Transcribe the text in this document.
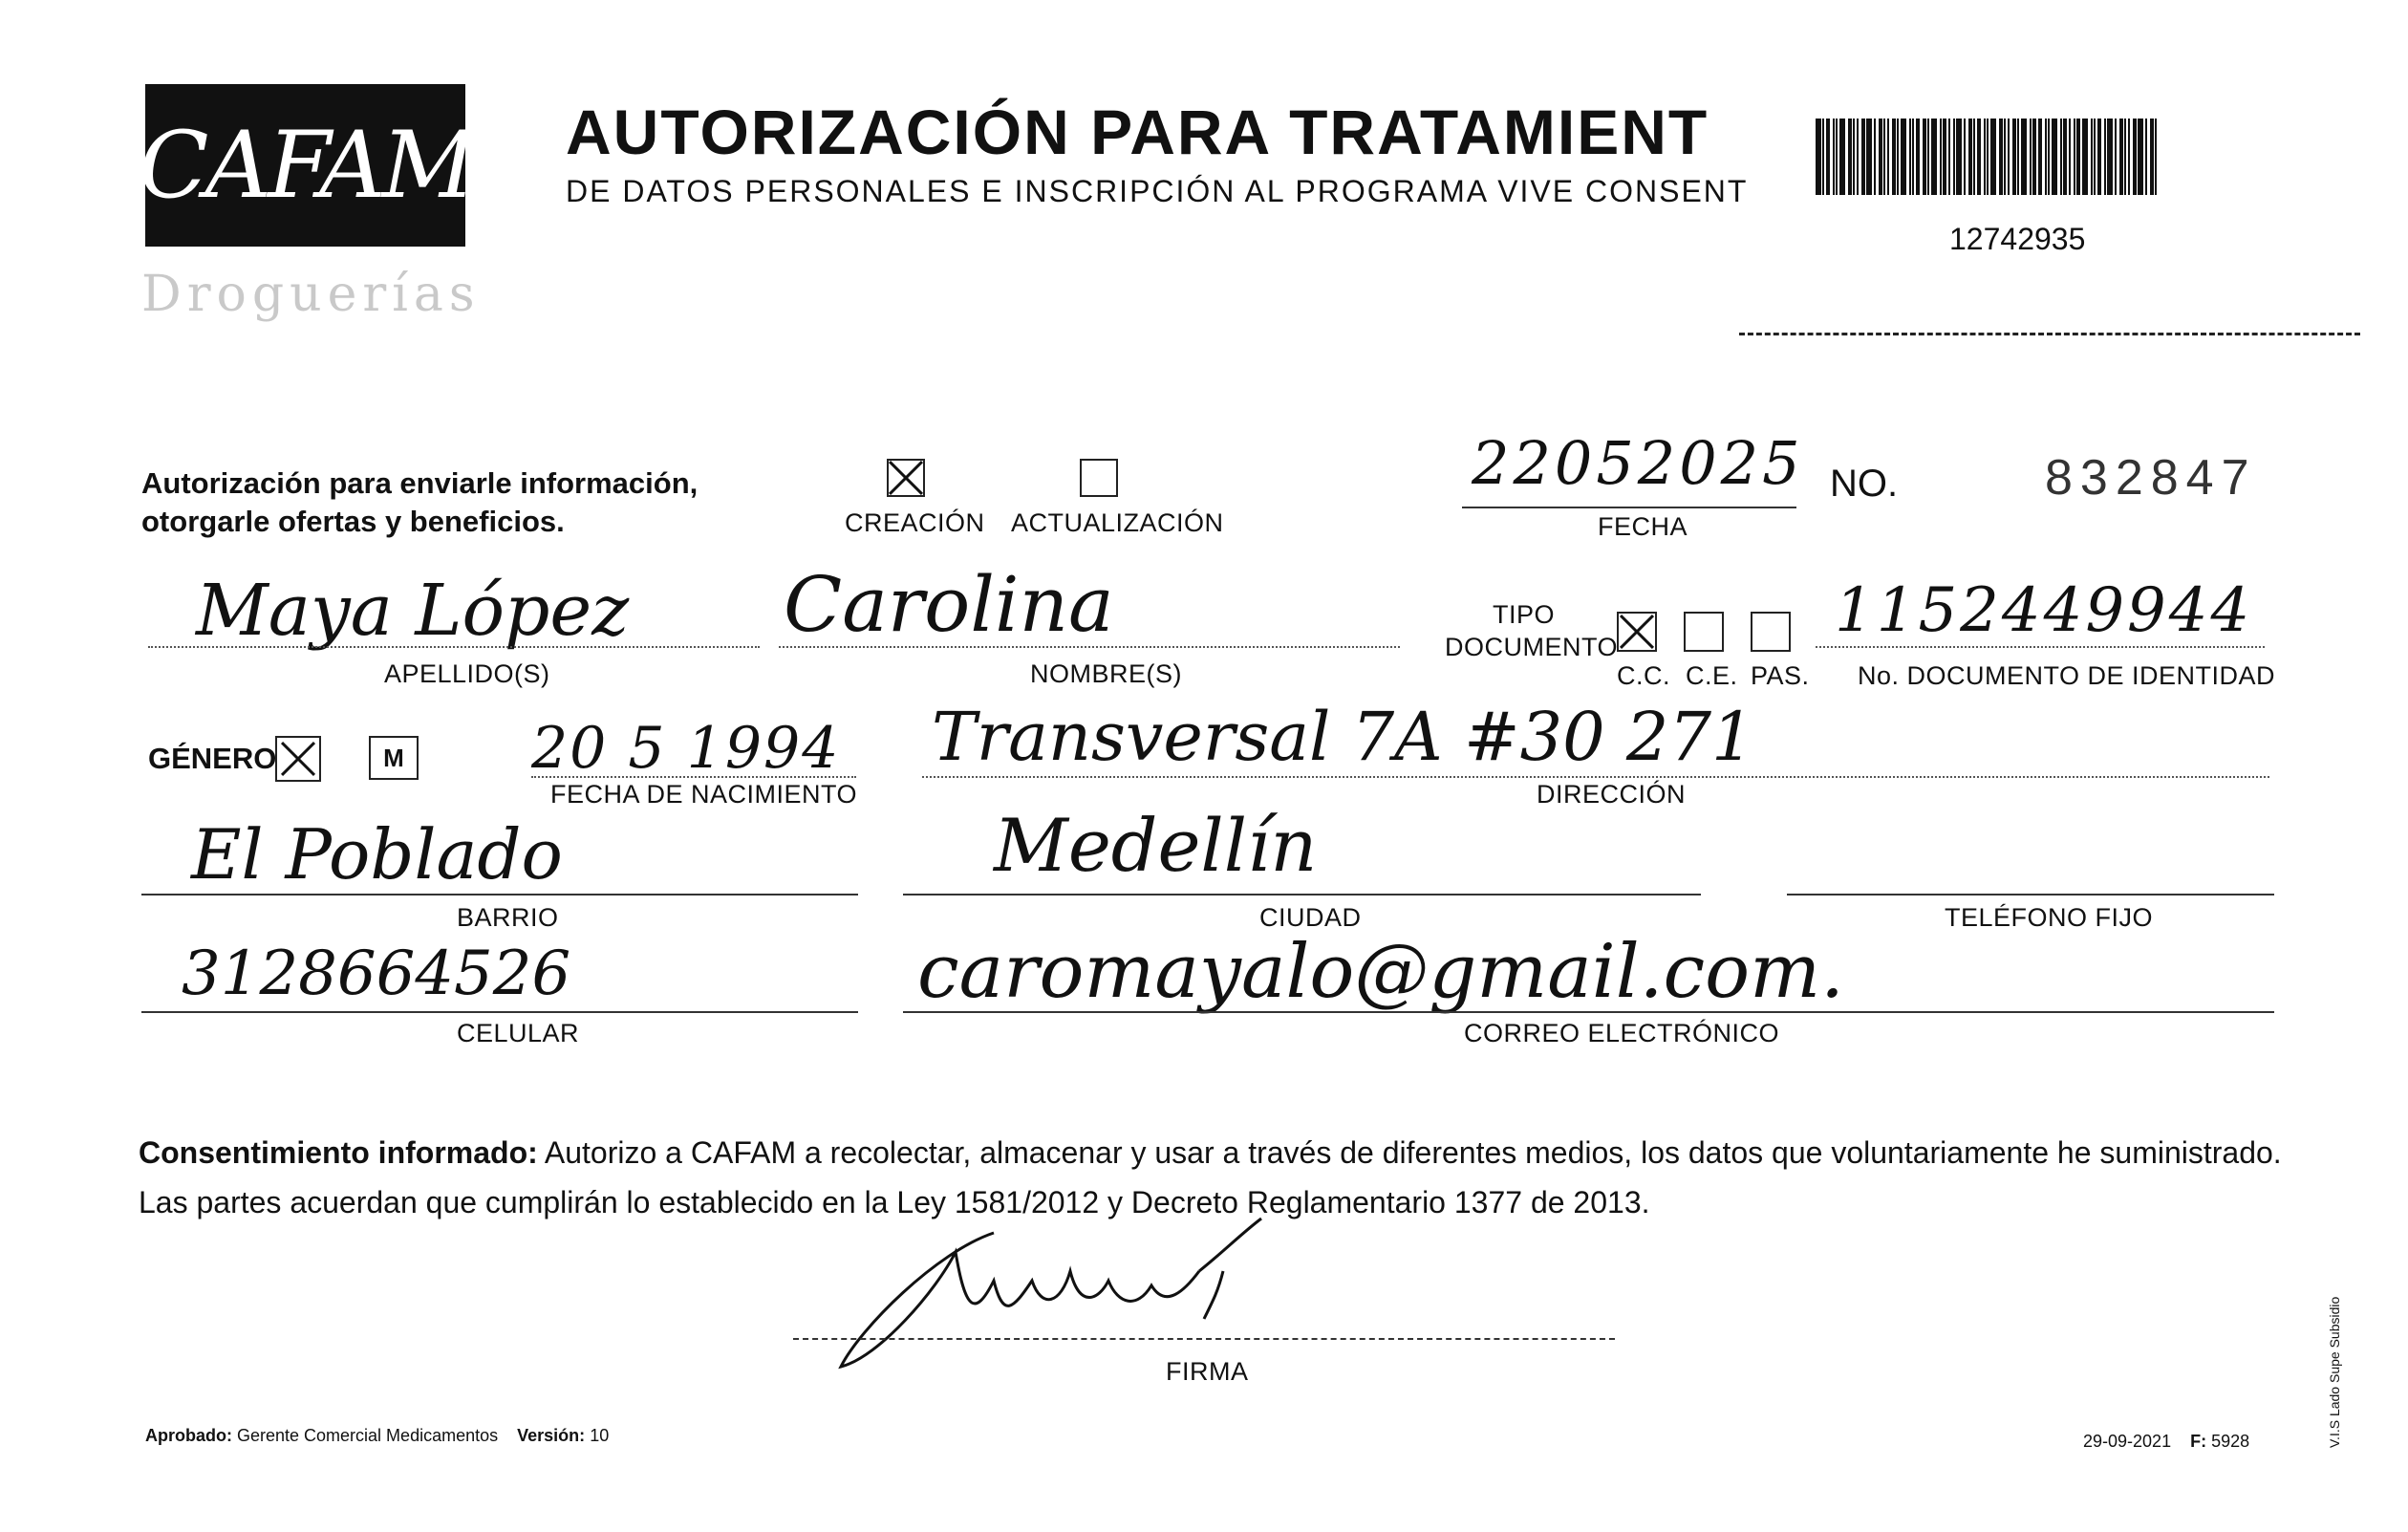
CAFAM
Droguerías
AUTORIZACIÓN PARA TRATAMIENT
DE DATOS PERSONALES E INSCRIPCIÓN AL PROGRAMA VIVE CONSENT
12742935
Autorización para enviarle información,
otorgarle ofertas y beneficios.	CREACIÓN ACTUALIZACIÓN
22052025
FECHA
NO.	832847
Maya López
APELLIDO(S)
Carolina
NOMBRE(S)
TIPO
DOCUMENTO
C.C. C.E. PAS.
1152449944
No. DOCUMENTO DE IDENTIDAD
GÉNERO	M 20 5 1994
FECHA DE NACIMIENTO
Transversal 7A #30 271
DIRECCIÓN
El Poblado
BARRIO
Medellín
CIUDAD	TELÉFONO FIJO
3128664526
CELULAR
caromayalo@gmail.com.
CORREO ELECTRÓNICO
Consentimiento informado: Autorizo a CAFAM a recolectar, almacenar y usar a través de diferentes medios, los datos que voluntariamente he suministrado. Las partes acuerdan que cumplirán lo establecido en la Ley 1581/2012 y Decreto Reglamentario 1377 de 2013.
FIRMA
Aprobado: Gerente Comercial Medicamentos Versión: 10	29-09-2021 F: 5928	V.I.S Lado Supe Subsidio
